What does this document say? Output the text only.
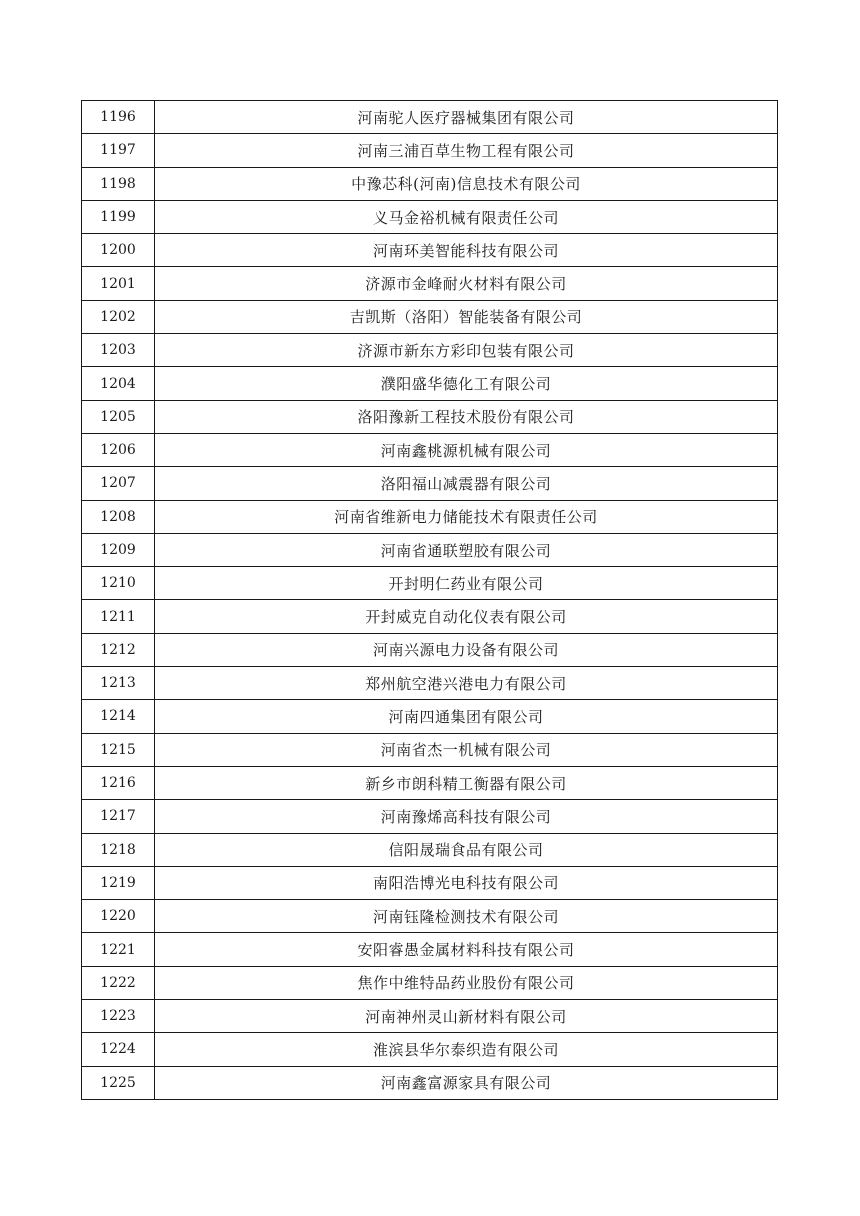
1196	河南驼人医疗器械集团有限公司
1197	河南三浦百草生物工程有限公司
1198	中豫芯科(河南)信息技术有限公司
1199	义马金裕机械有限责任公司
1200	河南环美智能科技有限公司
1201	济源市金峰耐火材料有限公司
1202	吉凯斯（洛阳）智能装备有限公司
1203	济源市新东方彩印包装有限公司
1204	濮阳盛华德化工有限公司
1205	洛阳豫新工程技术股份有限公司
1206	河南鑫桃源机械有限公司
1207	洛阳福山减震器有限公司
1208	河南省维新电力储能技术有限责任公司
1209	河南省通联塑胶有限公司
1210	开封明仁药业有限公司
1211	开封威克自动化仪表有限公司
1212	河南兴源电力设备有限公司
1213	郑州航空港兴港电力有限公司
1214	河南四通集团有限公司
1215	河南省杰一机械有限公司
1216	新乡市朗科精工衡器有限公司
1217	河南豫烯高科技有限公司
1218	信阳晟瑞食品有限公司
1219	南阳浩博光电科技有限公司
1220	河南钰隆检测技术有限公司
1221	安阳睿愚金属材料科技有限公司
1222	焦作中维特品药业股份有限公司
1223	河南神州灵山新材料有限公司
1224	淮滨县华尔泰织造有限公司
1225	河南鑫富源家具有限公司
